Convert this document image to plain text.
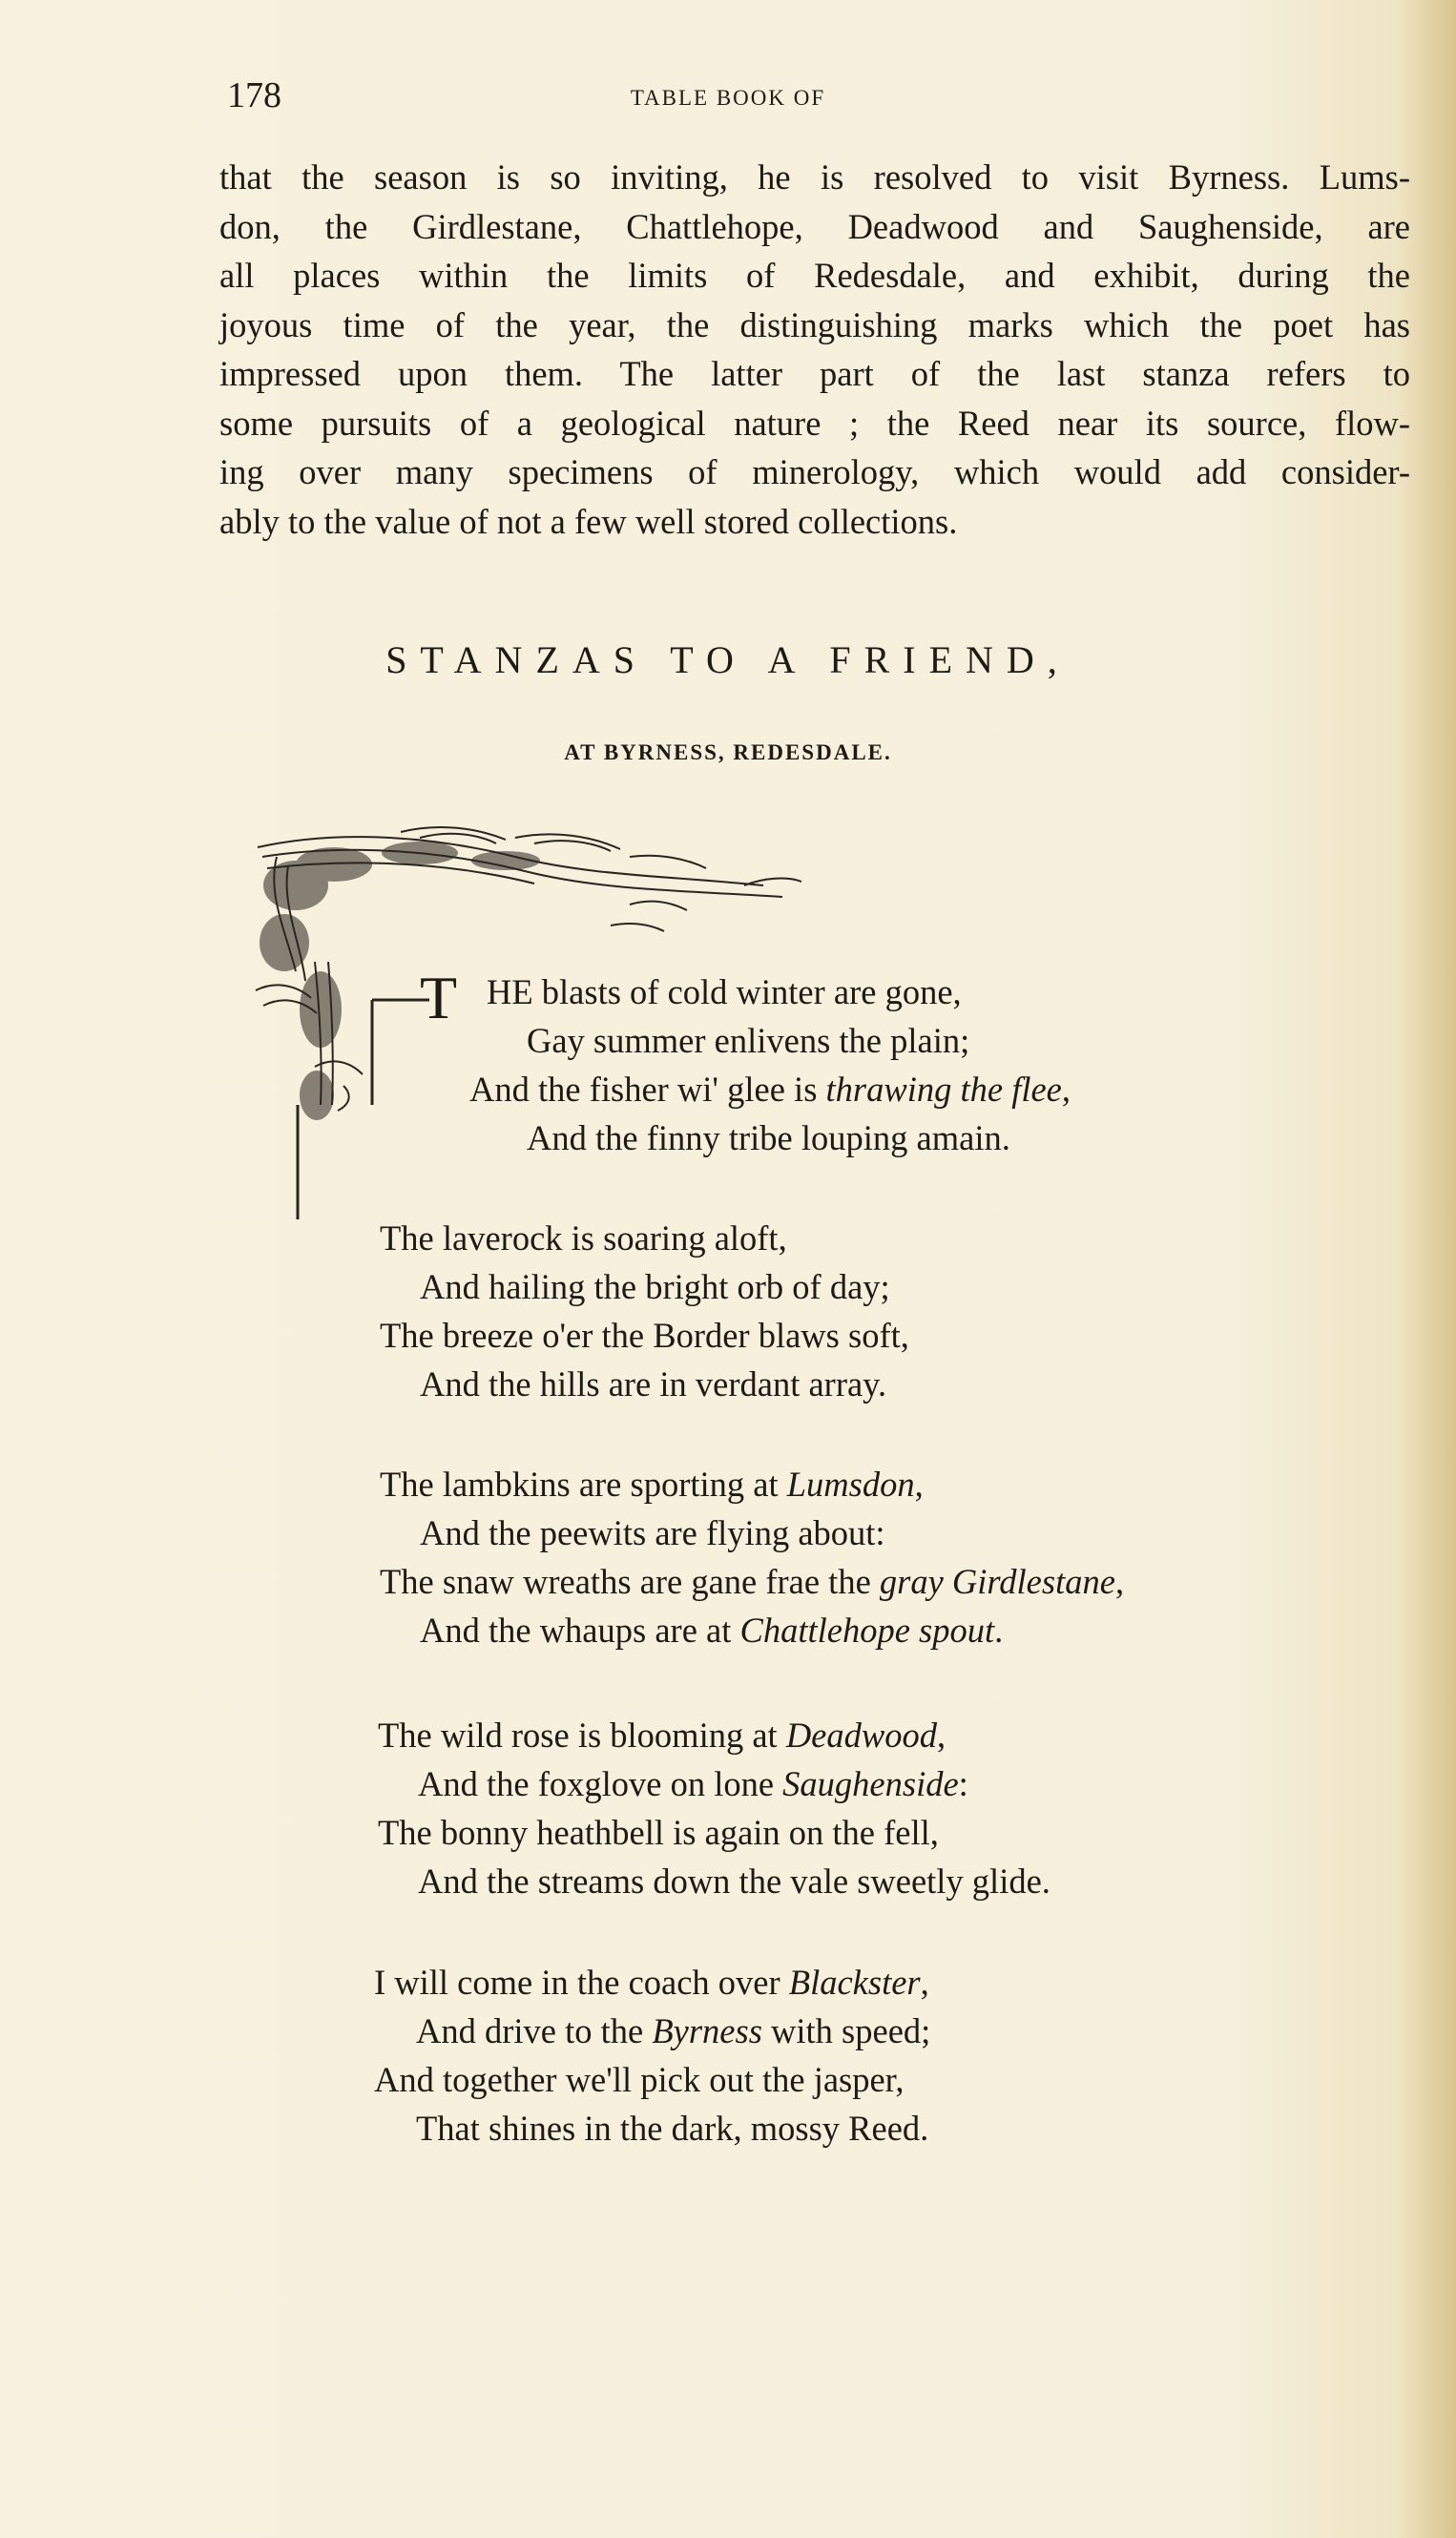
178	TABLE BOOK OF

that the season is so inviting, he is resolved to visit Byrness. Lums-
don, the Girdlestane, Chattlehope, Deadwood and Saughenside, are
all places within the limits of Redesdale, and exhibit, during the
joyous time of the year, the distinguishing marks which the poet has
impressed upon them. The latter part of the last stanza refers to
some pursuits of a geological nature ; the Reed near its source, flow-
ing over many specimens of minerology, which would add consider-
ably to the value of not a few well stored collections.

STANZAS TO A FRIEND,
AT BYRNESS, REDESDALE.
T HE blasts of cold winter are gone,
Gay summer enlivens the plain;
And the fisher wi' glee is thrawing the flee,
And the finny tribe louping amain.
The laverock is soaring aloft,
And hailing the bright orb of day;
The breeze o'er the Border blaws soft,
And the hills are in verdant array.
The lambkins are sporting at Lumsdon,
And the peewits are flying about:
The snaw wreaths are gane frae the gray Girdlestane,
And the whaups are at Chattlehope spout.
The wild rose is blooming at Deadwood,
And the foxglove on lone Saughenside:
The bonny heathbell is again on the fell,
And the streams down the vale sweetly glide.
I will come in the coach over Blackster,
And drive to the Byrness with speed;
And together we'll pick out the jasper,
That shines in the dark, mossy Reed.
